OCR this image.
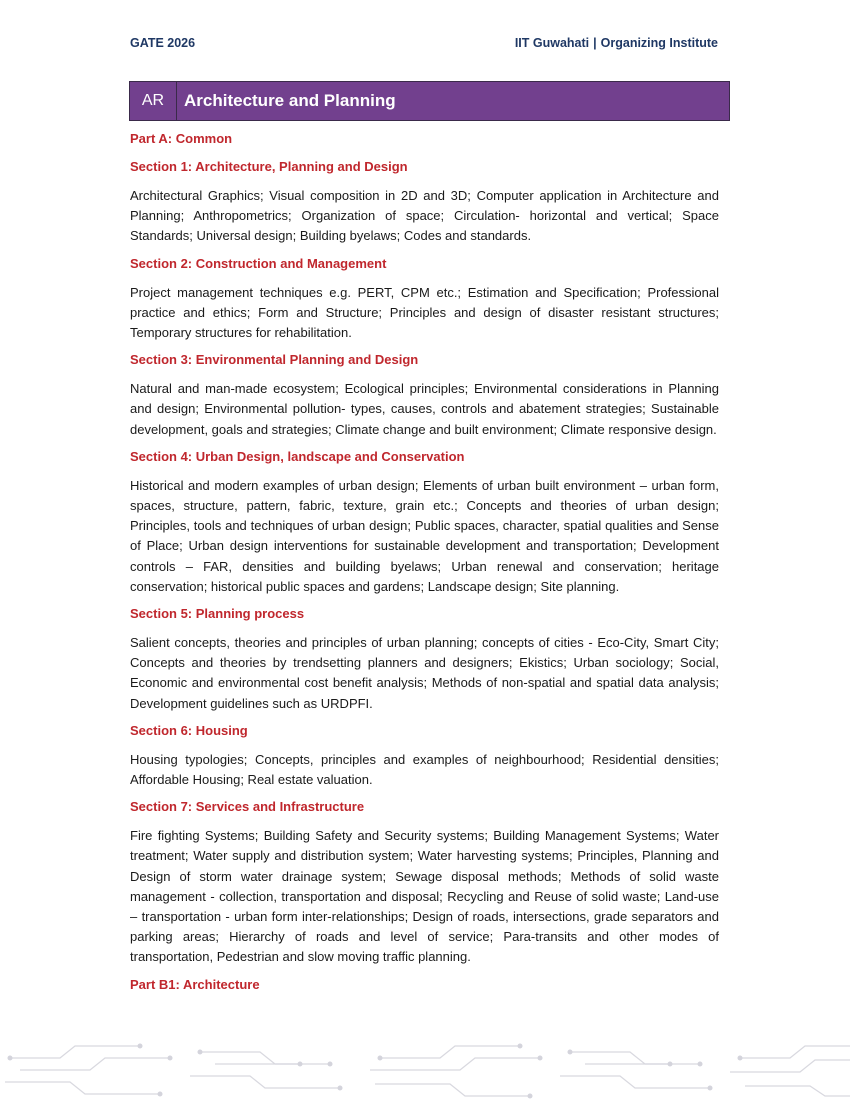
GATE 2026	IIT Guwahati | Organizing Institute
AR	Architecture and Planning

Part A: Common

Section 1: Architecture, Planning and Design

Architectural Graphics; Visual composition in 2D and 3D; Computer application in Architecture and Planning; Anthropometrics; Organization of space; Circulation- horizontal and vertical; Space Standards; Universal design; Building byelaws; Codes and standards.

Section 2: Construction and Management

Project management techniques e.g. PERT, CPM etc.; Estimation and Specification; Professional practice and ethics; Form and Structure; Principles and design of disaster resistant structures; Temporary structures for rehabilitation.

Section 3: Environmental Planning and Design

Natural and man-made ecosystem; Ecological principles; Environmental considerations in Planning and design; Environmental pollution- types, causes, controls and abatement strategies; Sustainable development, goals and strategies; Climate change and built environment; Climate responsive design.

Section 4: Urban Design, landscape and Conservation

Historical and modern examples of urban design; Elements of urban built environment – urban form, spaces, structure, pattern, fabric, texture, grain etc.; Concepts and theories of urban design; Principles, tools and techniques of urban design; Public spaces, character, spatial qualities and Sense of Place; Urban design interventions for sustainable development and transportation; Development controls – FAR, densities and building byelaws; Urban renewal and conservation; heritage conservation; historical public spaces and gardens; Landscape design; Site planning.

Section 5: Planning process

Salient concepts, theories and principles of urban planning; concepts of cities - Eco-City, Smart City; Concepts and theories by trendsetting planners and designers; Ekistics; Urban sociology; Social, Economic and environmental cost benefit analysis; Methods of non-spatial and spatial data analysis; Development guidelines such as URDPFI.

Section 6: Housing

Housing typologies; Concepts, principles and examples of neighbourhood; Residential densities; Affordable Housing; Real estate valuation.

Section 7: Services and Infrastructure

Fire fighting Systems; Building Safety and Security systems; Building Management Systems; Water treatment; Water supply and distribution system; Water harvesting systems; Principles, Planning and Design of storm water drainage system; Sewage disposal methods; Methods of solid waste management - collection, transportation and disposal; Recycling and Reuse of solid waste; Land-use – transportation - urban form inter-relationships; Design of roads, intersections, grade separators and parking areas; Hierarchy of roads and level of service; Para-transits and other modes of transportation, Pedestrian and slow moving traffic planning.

Part B1: Architecture
